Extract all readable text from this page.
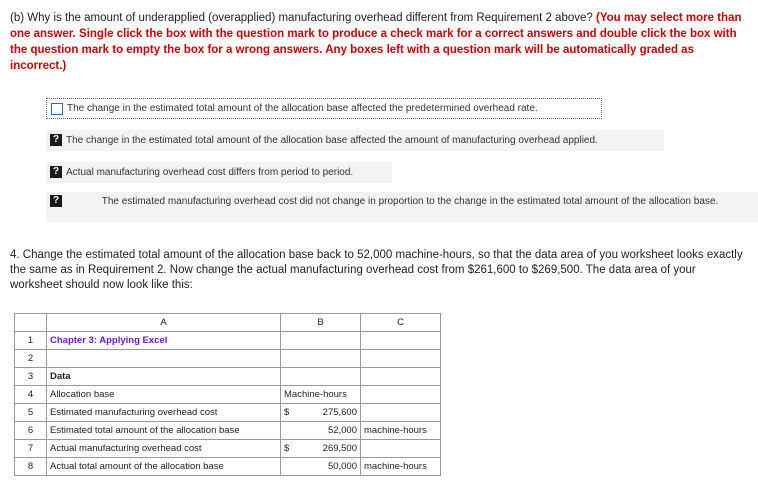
(b) Why is the amount of underapplied (overapplied) manufacturing overhead different from Requirement 2 above? (You may select more than one answer. Single click the box with the question mark to produce a check mark for a correct answers and double click the box with the question mark to empty the box for a wrong answers. Any boxes left with a question mark will be automatically graded as incorrect.)
The change in the estimated total amount of the allocation base affected the predetermined overhead rate.
? The change in the estimated total amount of the allocation base affected the amount of manufacturing overhead applied.
? Actual manufacturing overhead cost differs from period to period.
?	The estimated manufacturing overhead cost did not change in proportion to the change in the estimated total amount of the allocation base.
4. Change the estimated total amount of the allocation base back to 52,000 machine-hours, so that the data area of you worksheet looks exactly the same as in Requirement 2. Now change the actual manufacturing overhead cost from $261,600 to $269,500. The data area of your worksheet should now look like this:
	A	B	C
1	Chapter 3: Applying Excel		
2			
3	Data		
4	Allocation base	Machine-hours	
5	Estimated manufacturing overhead cost	$ 275,600	

6	Estimated total amount of the allocation base	52,000	machine-hours
7	Actual manufacturing overhead cost	$ 269,500	

8	Actual total amount of the allocation base	50,000	machine-hours
